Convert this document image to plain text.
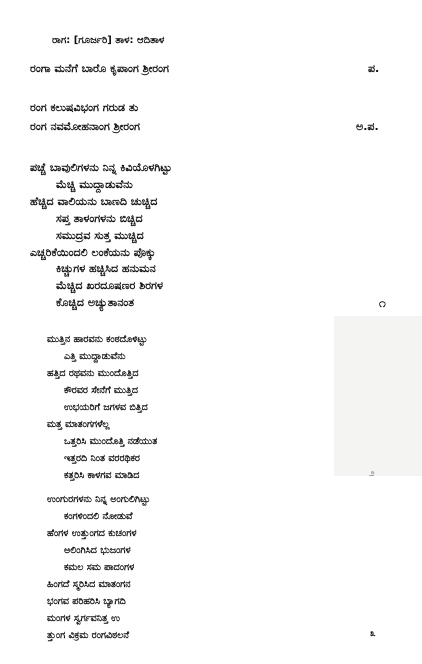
ರಾಗ: [ಗೂರ್ಜರಿ] ತಾಳ: ಆದಿತಾಳ
ರಂಗಾ ಮನೆಗೆ ಬಾರೊ ಕೃಪಾಂಗ ಶ್ರೀರಂಗ	ಪ.
ರಂಗ ಕಲುಷವಿಭಂಗ ಗರುಡ ತು
ರಂಗ ನವಮೋಹನಾಂಗ ಶ್ರೀರಂಗ	ಅ.ಪ.
ಪಚ್ಚೆ ಬಾವುಲಿಗಳನು ನಿನ್ನ ಕಿವಿಯೊಳಗಿಟ್ಟು
ಮೆಚ್ಚಿ ಮುದ್ದಾಡುವೆನು
ಹೆಚ್ಚಿದ ವಾಲಿಯನು ಬಾಣದಿ ಚುಚ್ಚಿದ
ಸಪ್ತ ತಾಳಂಗಳನು ಬಿಚ್ಚಿದ
ಸಮುದ್ರವ ಸುತ್ತ ಮುಚ್ಚಿದ
ಎಚ್ಚರಿಕೆಯಿಂದಲಿ ಲಂಕೆಯನು ಪೊಕ್ಕು
ಕಿಚ್ಚುಗಳ ಹಚ್ಚಿಸಿದ ಹನುಮನ
ಮೆಚ್ಚಿದ ಖರದೂಷಣರ ಶಿರಗಳ
ಕೊಚ್ಚಿದ ಅಚ್ಯುತಾನಂತ	೧
ಮುತ್ತಿನ ಹಾರವನು ಕಂಠದೊಳಿಟ್ಟು
ಎತ್ತಿ ಮುದ್ದಾಡುವೆನು
ಹತ್ತಿದ ರಥವನು ಮುಂದೊತ್ತಿದ
ಕೌರವರ ಸೇನೆಗೆ ಮುತ್ತಿದ
ಉಭಯರಿಗೆ ಜಗಳವ ಬಿತ್ತಿದ
ಮತ್ತ ಮಾತಂಗಗಳೆಲ್ಲ
ಒತ್ತರಿಸಿ ಮುಂದೊತ್ತಿ ನಡೆಯುತ
ಇತ್ತರದಿ ನಿಂತ ವರರಥಿಕರ
ಕತ್ತರಿಸಿ ಕಾಳಗವ ಮಾಡಿದ	೨
ಉಂಗುರಗಳನು ನಿನ್ನ ಅಂಗುಲಿಗಿಟ್ಟು
ಕಂಗಳಿಂದಲಿ ನೋಡುವೆ
ಹೆಂಗಳ ಉತ್ತುಂಗದ ಕುಚಂಗಳ
ಅಲಿಂಗಿಸಿದ ಭುಜಂಗಳ
ಕಮಲ ಸಮ ಪಾದಂಗಳ
ಹಿಂಗದೆ ಸ್ಮರಿಸಿದ ಮಾತಂಗನ
ಭಂಗವ ಪರಿಹರಿಸಿ ಬ್ಯಾಗದಿ
ಮಂಗಳ ಸ್ವರ್ಗವನಿತ್ತ ಉ
ತ್ತುಂಗ ವಿಕ್ರಮ ರಂಗವಿಠಲನೆ	೩
